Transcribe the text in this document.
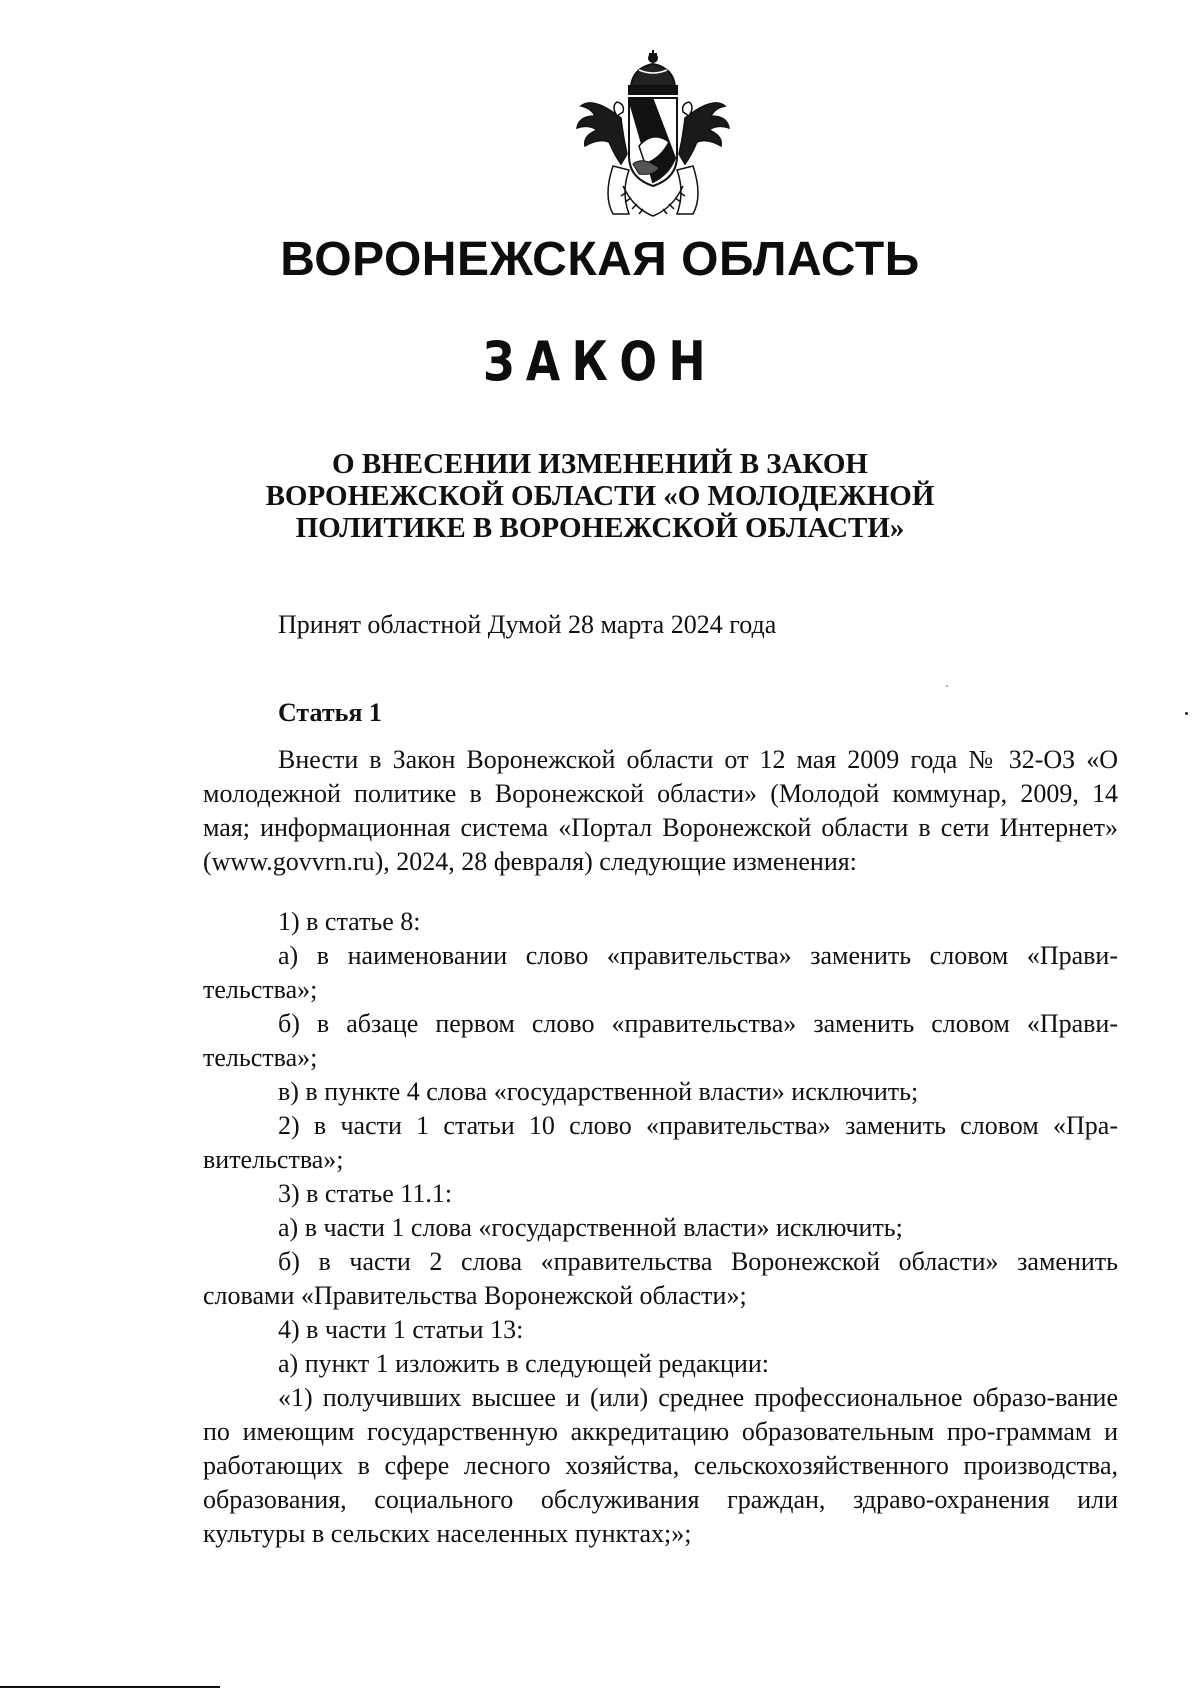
ВОРОНЕЖСКАЯ ОБЛАСТЬ
ЗАКОН
О ВНЕСЕНИИ ИЗМЕНЕНИЙ В ЗАКОН
ВОРОНЕЖСКОЙ ОБЛАСТИ «О МОЛОДЕЖНОЙ
ПОЛИТИКЕ В ВОРОНЕЖСКОЙ ОБЛАСТИ»
Принят областной Думой 28 марта 2024 года
Статья 1

Внести в Закон Воронежской области от 12 мая 2009 года № 32-ОЗ «О молодежной политике в Воронежской области» (Молодой коммунар, 2009, 14 мая; информационная система «Портал Воронежской области в сети Интернет» (www.govvrn.ru), 2024, 28 февраля) следующие изменения:

1) в статье 8:

а) в наименовании слово «правительства» заменить словом «Прави-тельства»;

б) в абзаце первом слово «правительства» заменить словом «Прави-тельства»;

в) в пункте 4 слова «государственной власти» исключить;

2) в части 1 статьи 10 слово «правительства» заменить словом «Пра-вительства»;

3) в статье 11.1:

а) в части 1 слова «государственной власти» исключить;

б) в части 2 слова «правительства Воронежской области» заменить словами «Правительства Воронежской области»;

4) в части 1 статьи 13:

а) пункт 1 изложить в следующей редакции:

«1) получивших высшее и (или) среднее профессиональное образо-вание по имеющим государственную аккредитацию образовательным про-граммам и работающих в сфере лесного хозяйства, сельскохозяйственного производства, образования, социального обслуживания граждан, здраво-охранения или культуры в сельских населенных пунктах;»;
